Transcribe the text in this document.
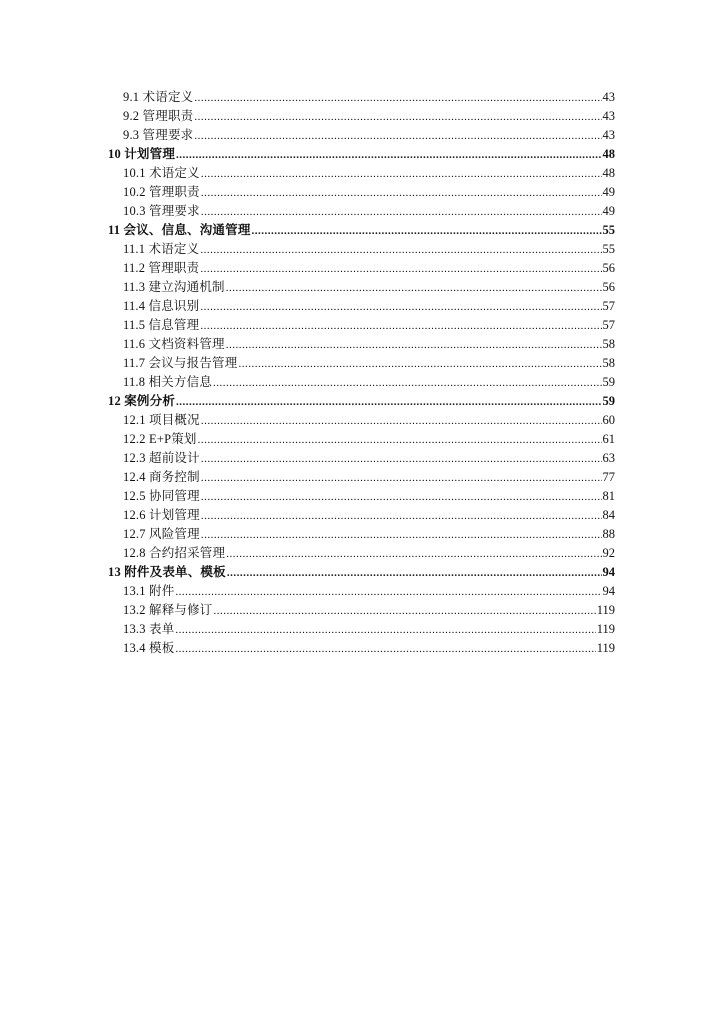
9.1 术语定义 .....	43
9.2 管理职责 .....	43
9.3 管理要求 .....	43
10 计划管理 .....	48
10.1 术语定义 .....	48
10.2 管理职责 .....	49
10.3 管理要求 .....	49
11 会议、信息、沟通管理 .....	55
11.1 术语定义 .....	55
11.2 管理职责 .....	56
11.3 建立沟通机制 .....	56
11.4 信息识别 .....	57
11.5 信息管理 .....	57
11.6 文档资料管理 .....	58
11.7 会议与报告管理 .....	58
11.8 相关方信息 .....	59
12 案例分析 .....	59
12.1 项目概况 .....	60
12.2 E+P策划 .....	61
12.3 超前设计 .....	63
12.4 商务控制 .....	77
12.5 协同管理 .....	81
12.6 计划管理 .....	84
12.7 风险管理 .....	88
12.8 合约招采管理 .....	92
13 附件及表单、模板 .....	94
13.1 附件 .....	94
13.2 解释与修订 .....	119
13.3 表单 .....	119
13.4 模板 .....	119
